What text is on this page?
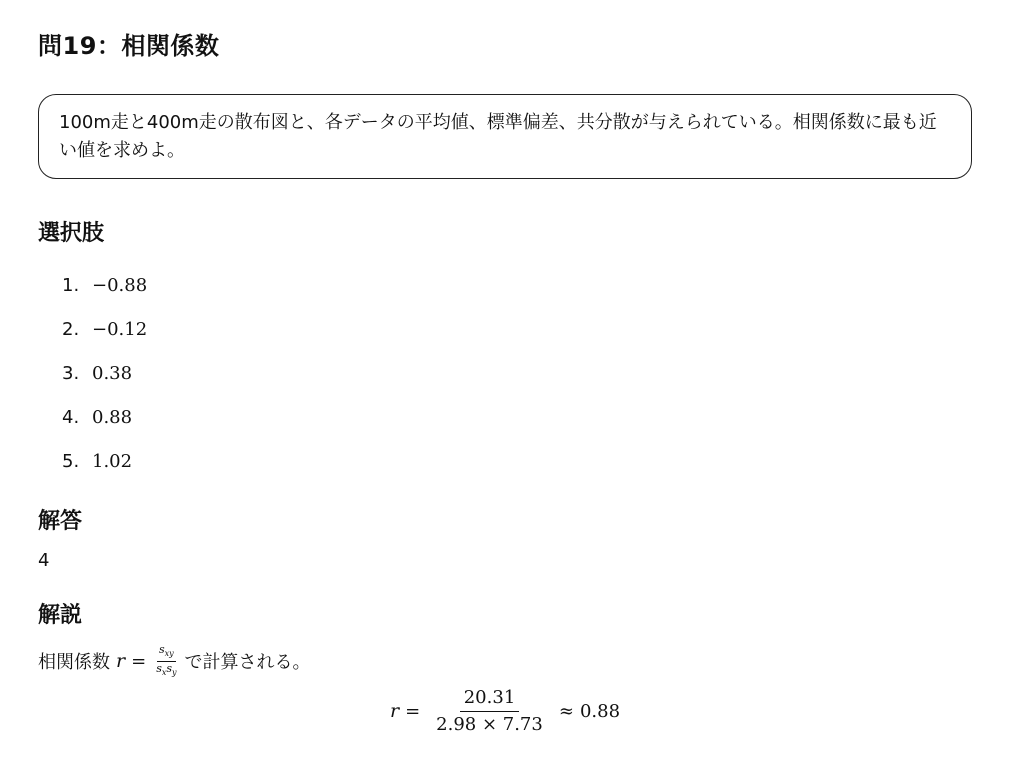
問19：相関係数
100m走と400m走の散布図と、各データの平均値、標準偏差、共分散が与えられている。相関係数に最も近い値を求めよ。
選択肢
1. −0.88
2. −0.12
3. 0.38
4. 0.88
5. 1.02
解答
4
解説
相関係数 $r = \frac{s_{xy}}{s_xs_y}$ で計算される。
$r = \frac{20.31}{2.98 \times 7.73} \approx 0.88$
